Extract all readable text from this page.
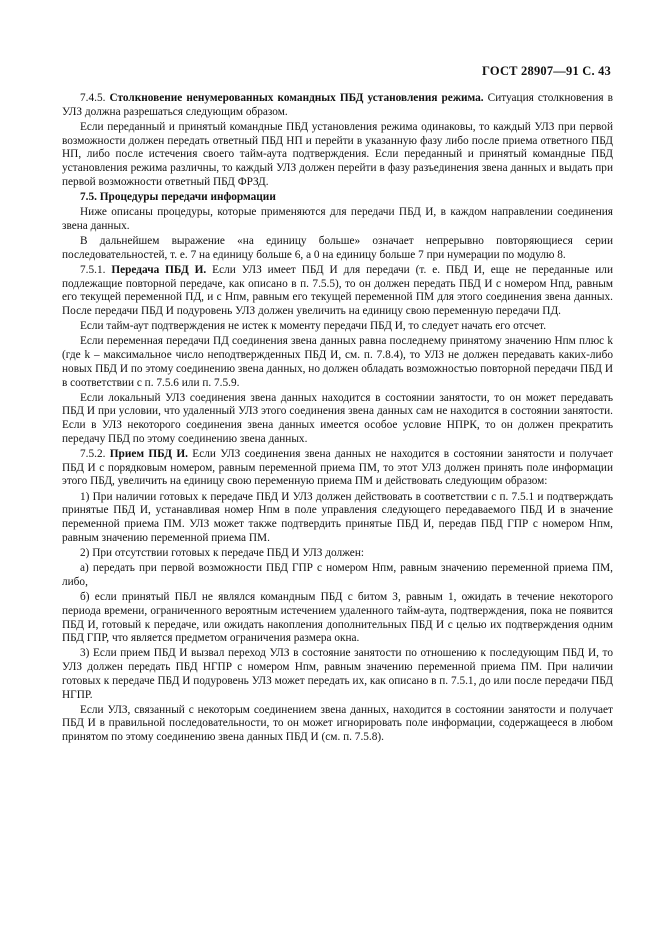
ГОСТ 28907—91 С. 43

7.4.5. Столкновение ненумерованных командных ПБД установления режима. Ситуация столкновения в УЛЗ должна разрешаться следующим образом.

Если переданный и принятый командные ПБД установления режима одинаковы, то каждый УЛЗ при первой возможности должен передать ответный ПБД НП и перейти в указанную фазу либо после приема ответного ПБД НП, либо после истечения своего тайм-аута подтверждения. Если переданный и принятый командные ПБД установления режима различны, то каждый УЛЗ должен перейти в фазу разъединения звена данных и выдать при первой возможности ответный ПБД ФРЗД.

7.5. Процедуры передачи информации

Ниже описаны процедуры, которые применяются для передачи ПБД И, в каждом направлении соединения звена данных.

В дальнейшем выражение «на единицу больше» означает непрерывно повторяющиеся серии последовательностей, т. е. 7 на единицу больше 6, а 0 на единицу больше 7 при нумерации по модулю 8.

7.5.1. Передача ПБД И. Если УЛЗ имеет ПБД И для передачи (т. е. ПБД И, еще не переданные или подлежащие повторной передаче, как описано в п. 7.5.5), то он должен передать ПБД И с номером Нпд, равным его текущей переменной ПД, и с Нпм, равным его текущей переменной ПМ для этого соединения звена данных. После передачи ПБД И подуровень УЛЗ должен увеличить на единицу свою переменную передачи ПД.

Если тайм-аут подтверждения не истек к моменту передачи ПБД И, то следует начать его отсчет.

Если переменная передачи ПД соединения звена данных равна последнему принятому значению Нпм плюс k (где k – максимальное число неподтвержденных ПБД И, см. п. 7.8.4), то УЛЗ не должен передавать каких-либо новых ПБД И по этому соединению звена данных, но должен обладать возможностью повторной передачи ПБД И в соответствии с п. 7.5.6 или п. 7.5.9.

Если локальный УЛЗ соединения звена данных находится в состоянии занятости, то он может передавать ПБД И при условии, что удаленный УЛЗ этого соединения звена данных сам не находится в состоянии занятости. Если в УЛЗ некоторого соединения звена данных имеется особое условие НПРК, то он должен прекратить передачу ПБД по этому соединению звена данных.

7.5.2. Прием ПБД И. Если УЛЗ соединения звена данных не находится в состоянии занятости и получает ПБД И с порядковым номером, равным переменной приема ПМ, то этот УЛЗ должен принять поле информации этого ПБД, увеличить на единицу свою переменную приема ПМ и действовать следующим образом:

1) При наличии готовых к передаче ПБД И УЛЗ должен действовать в соответствии с п. 7.5.1 и подтверждать принятые ПБД И, устанавливая номер Нпм в поле управления следующего передаваемого ПБД И в значение переменной приема ПМ. УЛЗ может также подтвердить принятые ПБД И, передав ПБД ГПР с номером Нпм, равным значению переменной приема ПМ.

2) При отсутствии готовых к передаче ПБД И УЛЗ должен:

а) передать при первой возможности ПБД ГПР с номером Нпм, равным значению переменной приема ПМ, либо,

б) если принятый ПБЛ не являлся командным ПБД с битом З, равным 1, ожидать в течение некоторого периода времени, ограниченного вероятным истечением удаленного тайм-аута, подтверждения, пока не появится ПБД И, готовый к передаче, или ожидать накопления дополнительных ПБД И с целью их подтверждения одним ПБД ГПР, что является предметом ограничения размера окна.

3) Если прием ПБД И вызвал переход УЛЗ в состояние занятости по отношению к последующим ПБД И, то УЛЗ должен передать ПБД НГПР с номером Нпм, равным значению переменной приема ПМ. При наличии готовых к передаче ПБД И подуровень УЛЗ может передать их, как описано в п. 7.5.1, до или после передачи ПБД НГПР.

Если УЛЗ, связанный с некоторым соединением звена данных, находится в состоянии занятости и получает ПБД И в правильной последовательности, то он может игнорировать поле информации, содержащееся в любом принятом по этому соединению звена данных ПБД И (см. п. 7.5.8).
